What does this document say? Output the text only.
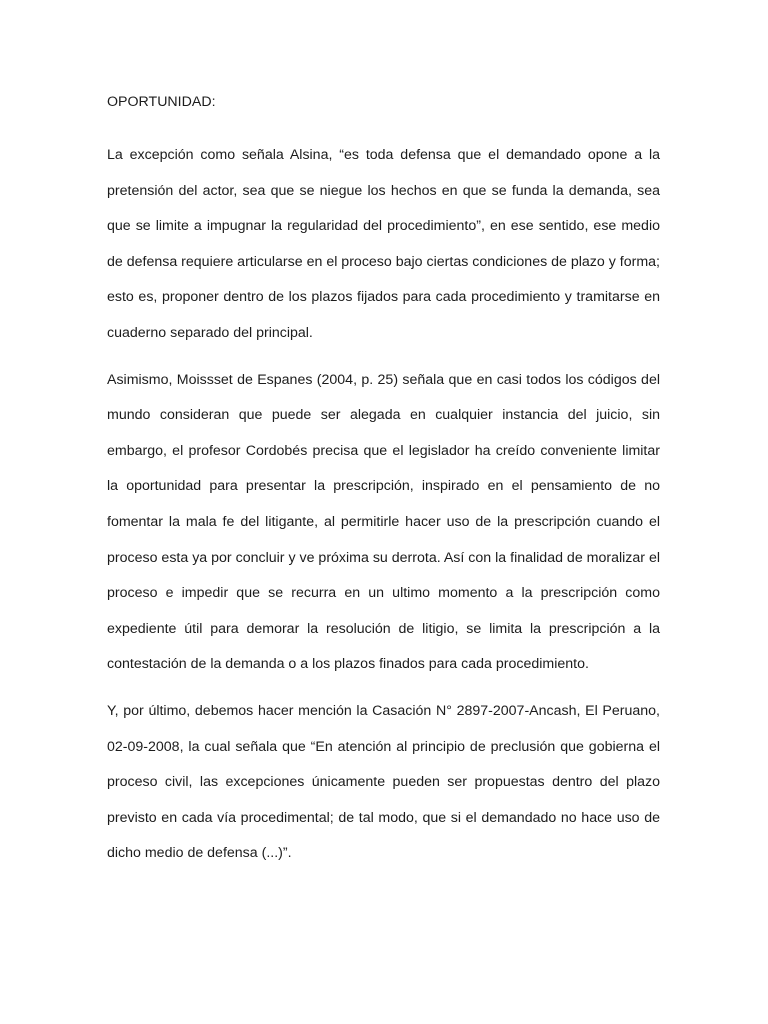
OPORTUNIDAD:

La excepción como señala Alsina, “es toda defensa que el demandado opone a la pretensión del actor, sea que se niegue los hechos en que se funda la demanda, sea que se limite a impugnar la regularidad del procedimiento”, en ese sentido, ese medio de defensa requiere articularse en el proceso bajo ciertas condiciones de plazo y forma; esto es, proponer dentro de los plazos fijados para cada procedimiento y tramitarse en cuaderno separado del principal.

Asimismo, Moissset de Espanes (2004, p. 25) señala que en casi todos los códigos del mundo consideran que puede ser alegada en cualquier instancia del juicio, sin embargo, el profesor Cordobés precisa que el legislador ha creído conveniente limitar la oportunidad para presentar la prescripción, inspirado en el pensamiento de no fomentar la mala fe del litigante, al permitirle hacer uso de la prescripción cuando el proceso esta ya por concluir y ve próxima su derrota. Así con la finalidad de moralizar el proceso e impedir que se recurra en un ultimo momento a la prescripción como expediente útil para demorar la resolución de litigio, se limita la prescripción a la contestación de la demanda o a los plazos finados para cada procedimiento.

Y, por último, debemos hacer mención la Casación N° 2897-2007-Ancash, El Peruano, 02-09-2008, la cual señala que “En atención al principio de preclusión que gobierna el proceso civil, las excepciones únicamente pueden ser propuestas dentro del plazo previsto en cada vía procedimental; de tal modo, que si el demandado no hace uso de dicho medio de defensa (...)”.
